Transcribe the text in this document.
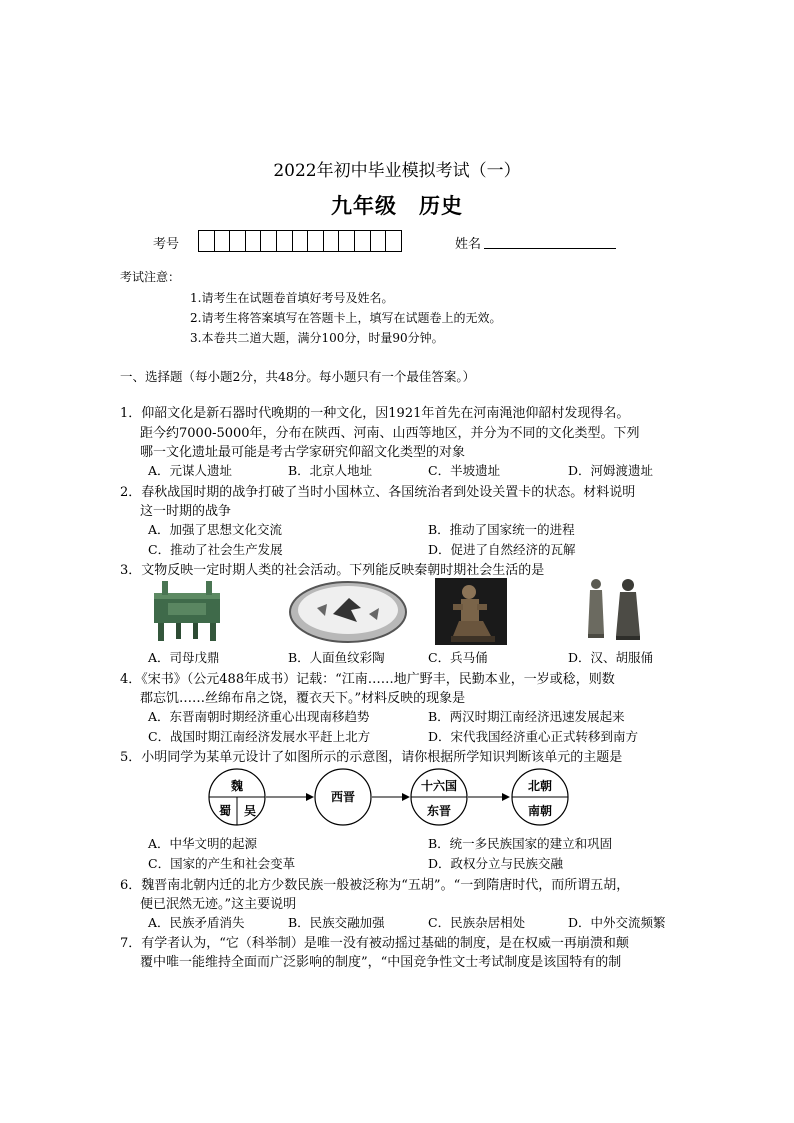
2022年初中毕业模拟考试（一）
九年级　历史
考号	姓名
考试注意：
1.请考生在试题卷首填好考号及姓名。
2.请考生将答案填写在答题卡上，填写在试题卷上的无效。
3.本卷共二道大题，满分100分，时量90分钟。
一、选择题（每小题2分，共48分。每小题只有一个最佳答案。）
1．仰韶文化是新石器时代晚期的一种文化，因1921年首先在河南渑池仰韶村发现得名。
距今约7000-5000年，分布在陕西、河南、山西等地区，并分为不同的文化类型。下列
哪一文化遗址最可能是考古学家研究仰韶文化类型的对象
A．元谋人遗址	B．北京人地址	C．半坡遗址	D．河姆渡遗址
2．春秋战国时期的战争打破了当时小国林立、各国统治者到处设关置卡的状态。材料说明
这一时期的战争
A．加强了思想文化交流	B．推动了国家统一的进程
C．推动了社会生产发展	D．促进了自然经济的瓦解
3．文物反映一定时期人类的社会活动。下列能反映秦朝时期社会生活的是
A．司母戊鼎	B．人面鱼纹彩陶	C．兵马俑	D．汉、胡服俑
4．《宋书》（公元488年成书）记载：“江南……地广野丰，民勤本业，一岁或稔，则数
郡忘饥……丝绵布帛之饶，覆衣天下。”材料反映的现象是
A．东晋南朝时期经济重心出现南移趋势	B．两汉时期江南经济迅速发展起来
C．战国时期江南经济发展水平赶上北方	D．宋代我国经济重心正式转移到南方
5．小明同学为某单元设计了如图所示的示意图，请你根据所学知识判断该单元的主题是
魏
蜀 吴
西晋
十六国
东晋
北朝
南朝
A．中华文明的起源	B．统一多民族国家的建立和巩固
C．国家的产生和社会变革	D．政权分立与民族交融
6．魏晋南北朝内迁的北方少数民族一般被泛称为“五胡”。“一到隋唐时代，而所谓五胡，
便已泯然无迹。”这主要说明
A．民族矛盾消失	B．民族交融加强	C．民族杂居相处	D．中外交流频繁
7．有学者认为，“它（科举制）是唯一没有被动摇过基础的制度，是在权威一再崩溃和颠
覆中唯一能维持全面而广泛影响的制度”，“中国竞争性文士考试制度是该国特有的制
